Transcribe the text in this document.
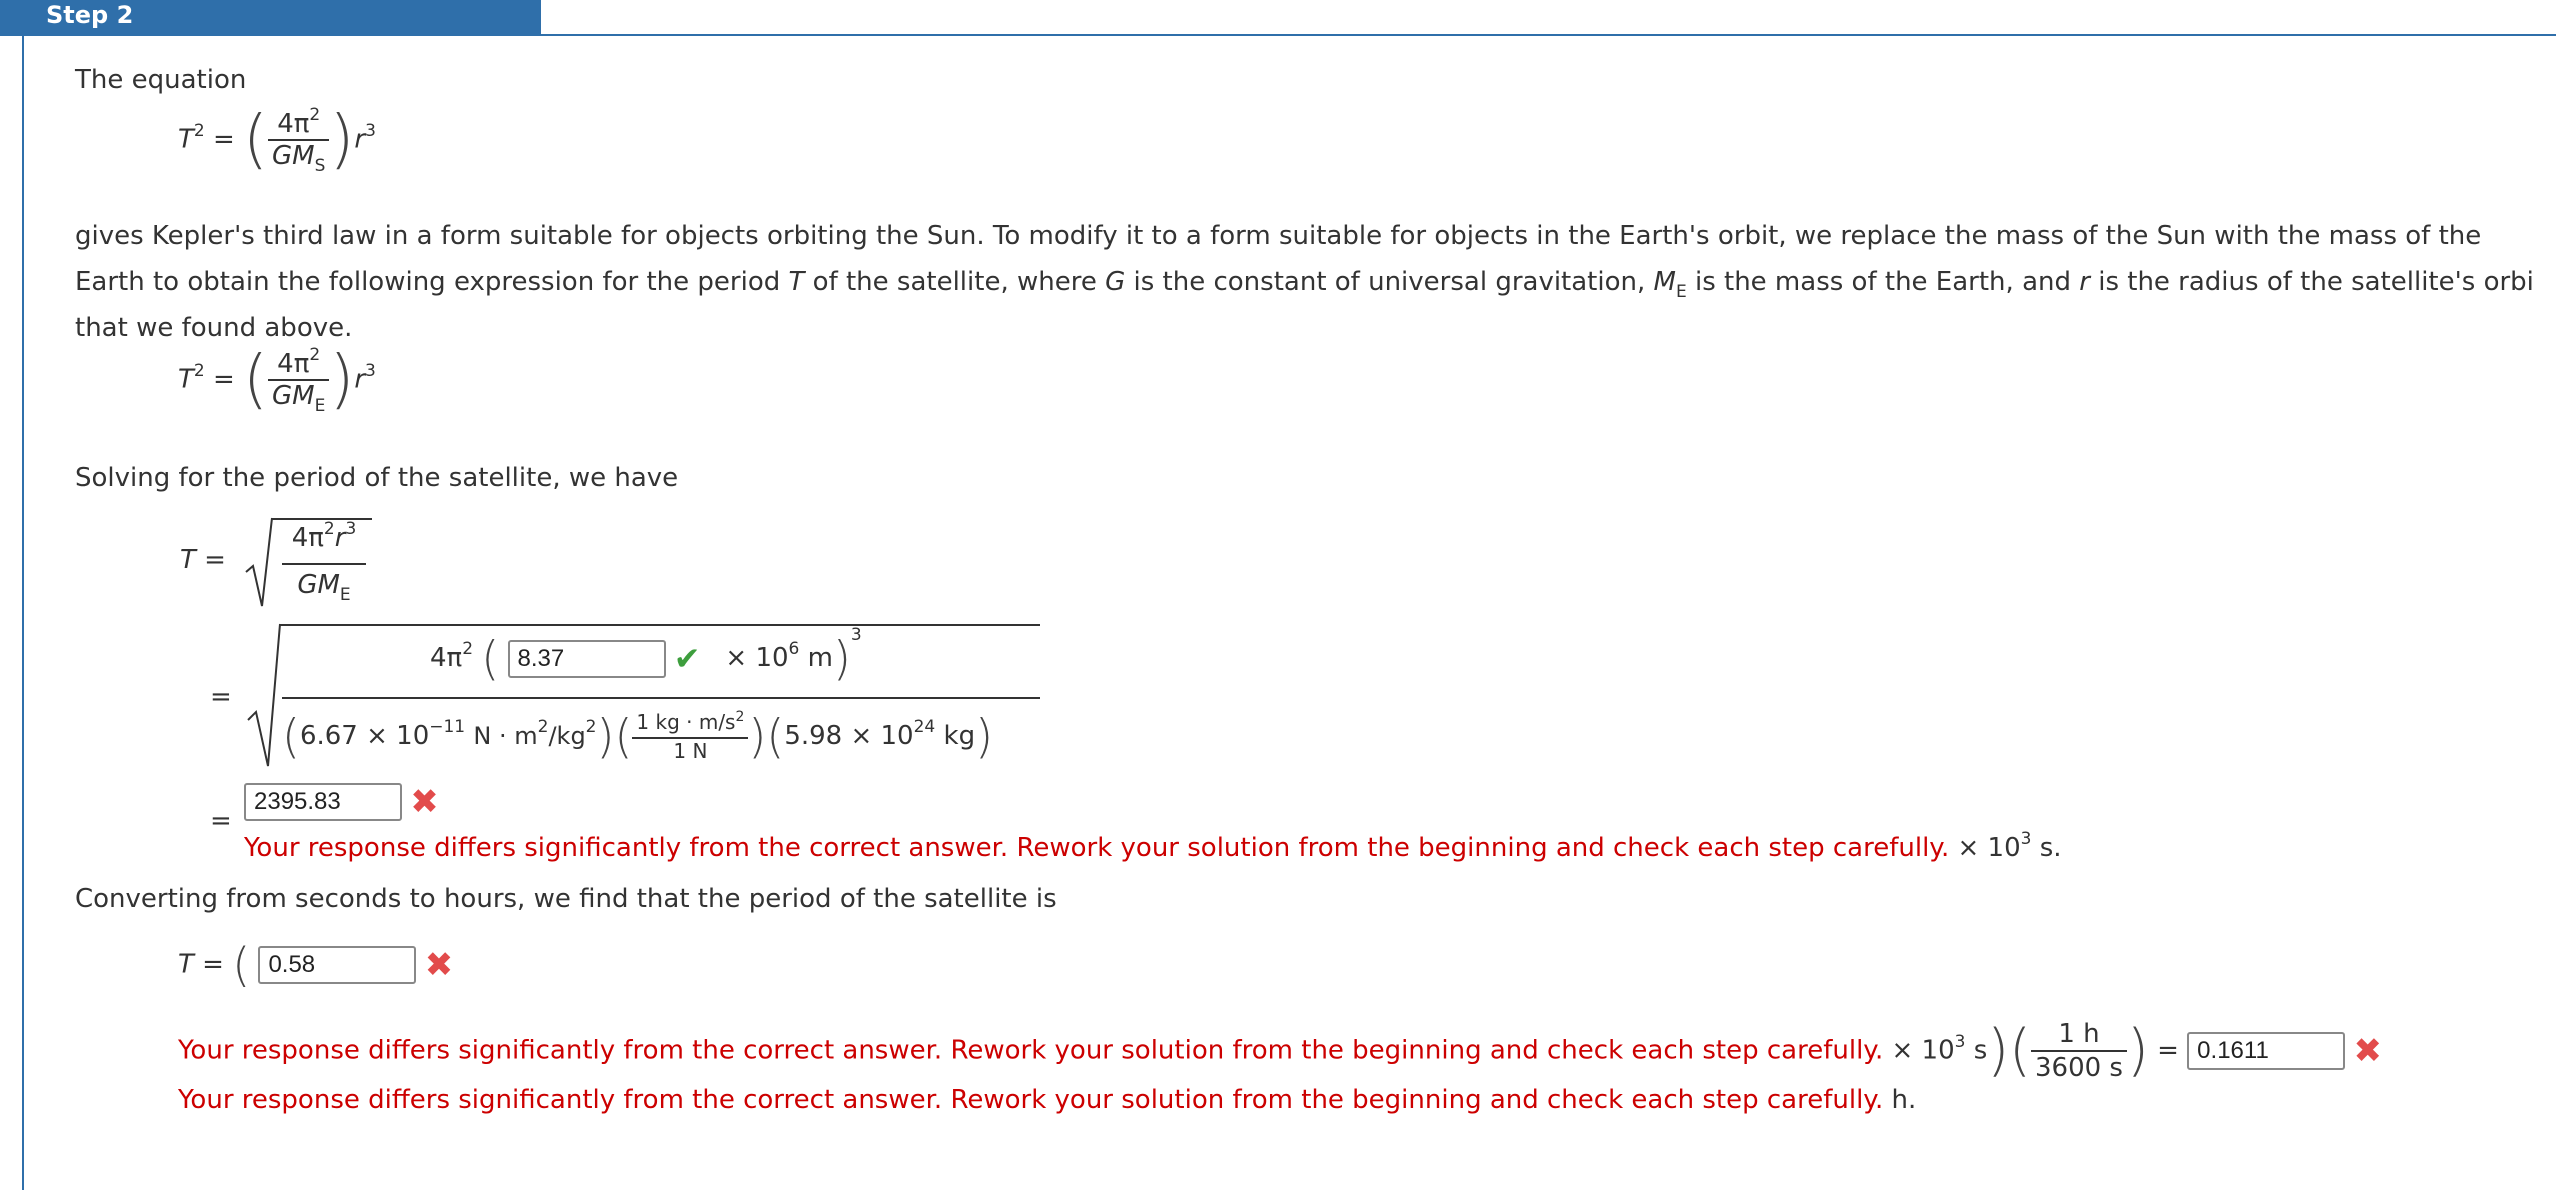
Step 2
The equation
$T^2$ = ( $\frac{4\pi^2}{GM_S} )r^3$
gives Kepler's third law in a form suitable for objects orbiting the Sun. To modify it to a form suitable for objects in the Earth's orbit, we replace the mass of the Sun with the mass of the
Earth to obtain the following expression for the period T of the satellite, where G is the constant of universal gravitation, $M_E$ is the mass of the Earth, and r is the radius of the satellite's orbi
that we found above.
$T^2$ = ( $\frac{4\pi^2}{GM_E} )r^3$
Solving for the period of the satellite, we have
T =
$4\pi^2r^3$
$GM_E$
=
$4\pi^2$ ( 8.37	✔ × $10^6$ m)$^3$
($6.67 \times 10^{-11}$ $N \cdot m^2/kg^2)( \frac{1 kg \cdot m/s^2}{1 N} )(5.98 \times 10^{24}$ kg)
=
2395.83	✖
Your response differs significantly from the correct answer. Rework your solution from the beginning and check each step carefully. × $10^3$ s.
Converting from seconds to hours, we find that the period of the satellite is
T = ( 0.58	✖
Your response differs significantly from the correct answer. Rework your solution from the beginning and check each step carefully. × $10^3$ $s)( \frac{1 h}{3600 s}$ ) = 0.1611	✖
Your response differs significantly from the correct answer. Rework your solution from the beginning and check each step carefully. h.
